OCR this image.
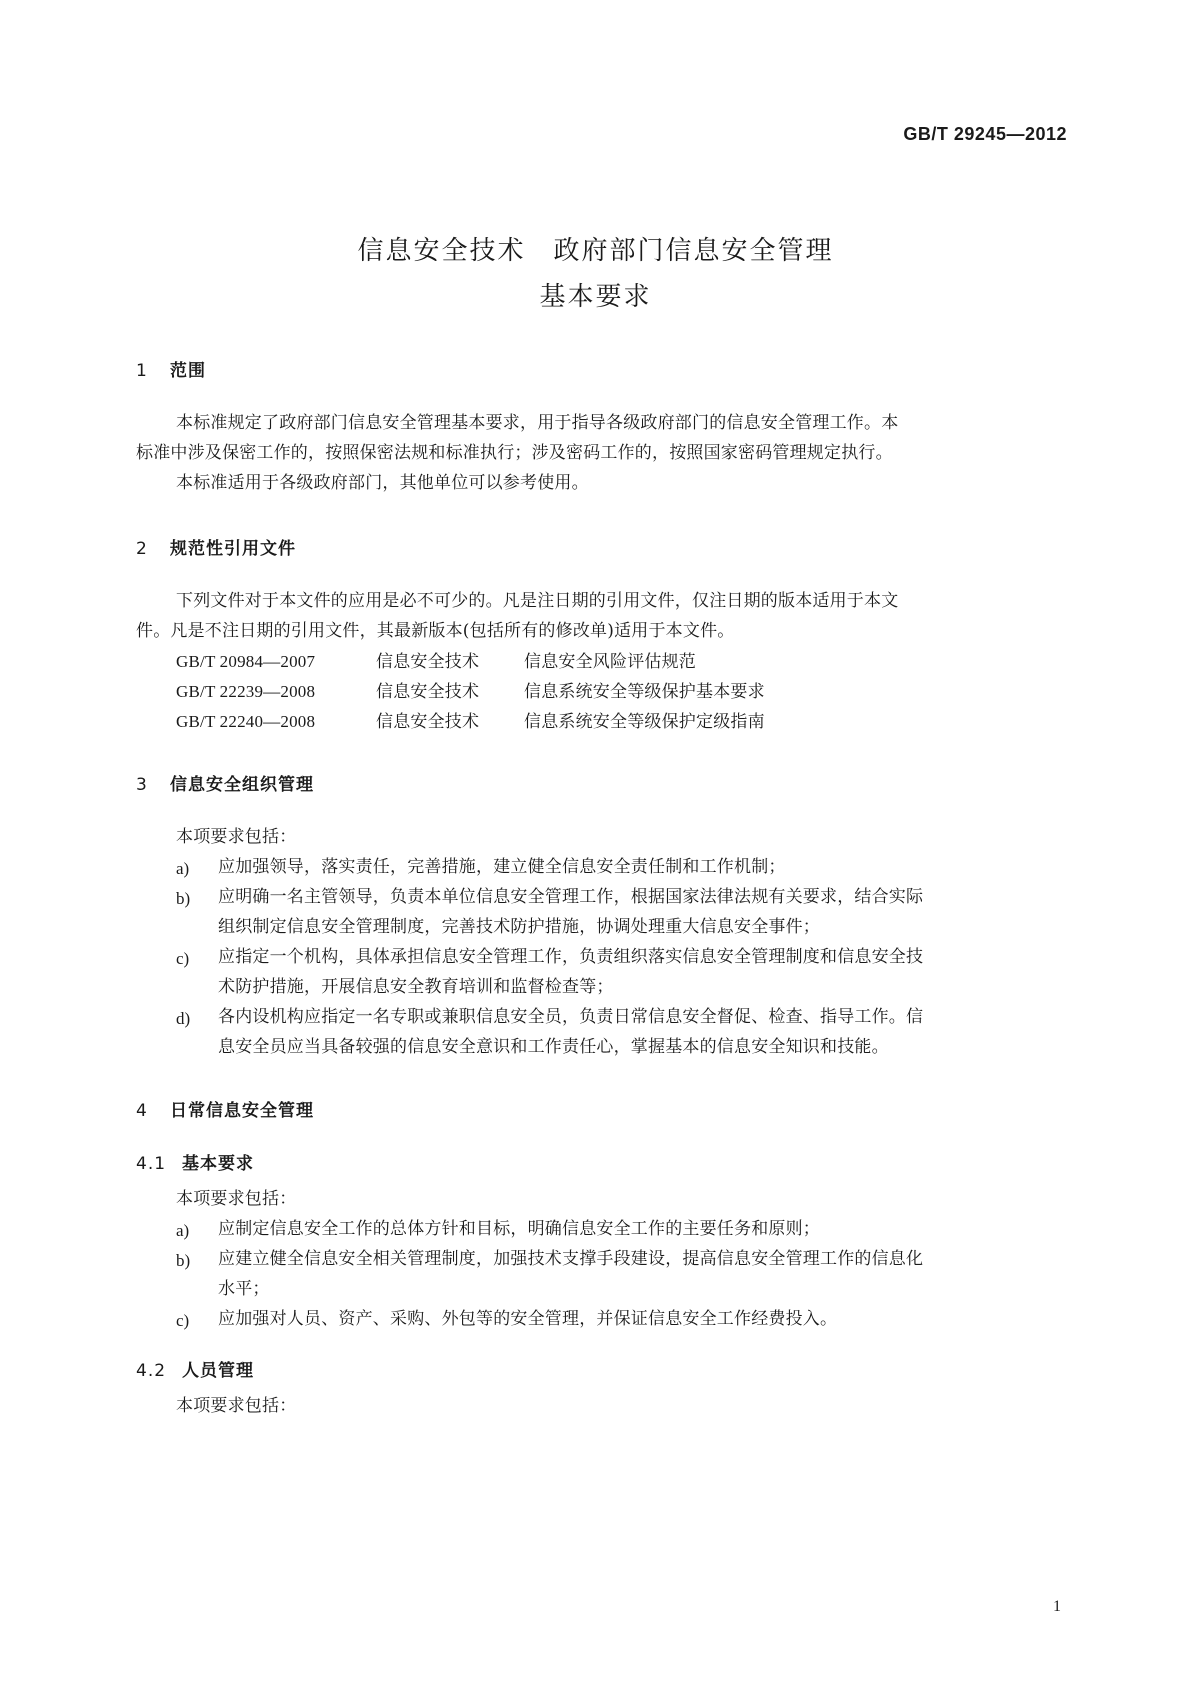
GB/T 29245—2012
信息安全技术　政府部门信息安全管理
基本要求
1 范围
本标准规定了政府部门信息安全管理基本要求，用于指导各级政府部门的信息安全管理工作。本
标准中涉及保密工作的，按照保密法规和标准执行；涉及密码工作的，按照国家密码管理规定执行。
本标准适用于各级政府部门，其他单位可以参考使用。
2 规范性引用文件
下列文件对于本文件的应用是必不可少的。凡是注日期的引用文件，仅注日期的版本适用于本文
件。凡是不注日期的引用文件，其最新版本(包括所有的修改单)适用于本文件。
GB/T 20984—2007	信息安全技术	信息安全风险评估规范
GB/T 22239—2008	信息安全技术	信息系统安全等级保护基本要求
GB/T 22240—2008	信息安全技术	信息系统安全等级保护定级指南
3 信息安全组织管理
本项要求包括：
a) 应加强领导，落实责任，完善措施，建立健全信息安全责任制和工作机制；
b) 应明确一名主管领导，负责本单位信息安全管理工作，根据国家法律法规有关要求，结合实际
组织制定信息安全管理制度，完善技术防护措施，协调处理重大信息安全事件；
c) 应指定一个机构，具体承担信息安全管理工作，负责组织落实信息安全管理制度和信息安全技
术防护措施，开展信息安全教育培训和监督检查等；
d) 各内设机构应指定一名专职或兼职信息安全员，负责日常信息安全督促、检查、指导工作。信
息安全员应当具备较强的信息安全意识和工作责任心，掌握基本的信息安全知识和技能。
4 日常信息安全管理
4.1 基本要求
本项要求包括：
a) 应制定信息安全工作的总体方针和目标，明确信息安全工作的主要任务和原则；
b) 应建立健全信息安全相关管理制度，加强技术支撑手段建设，提高信息安全管理工作的信息化
水平；
c) 应加强对人员、资产、采购、外包等的安全管理，并保证信息安全工作经费投入。
4.2 人员管理
本项要求包括：
1
